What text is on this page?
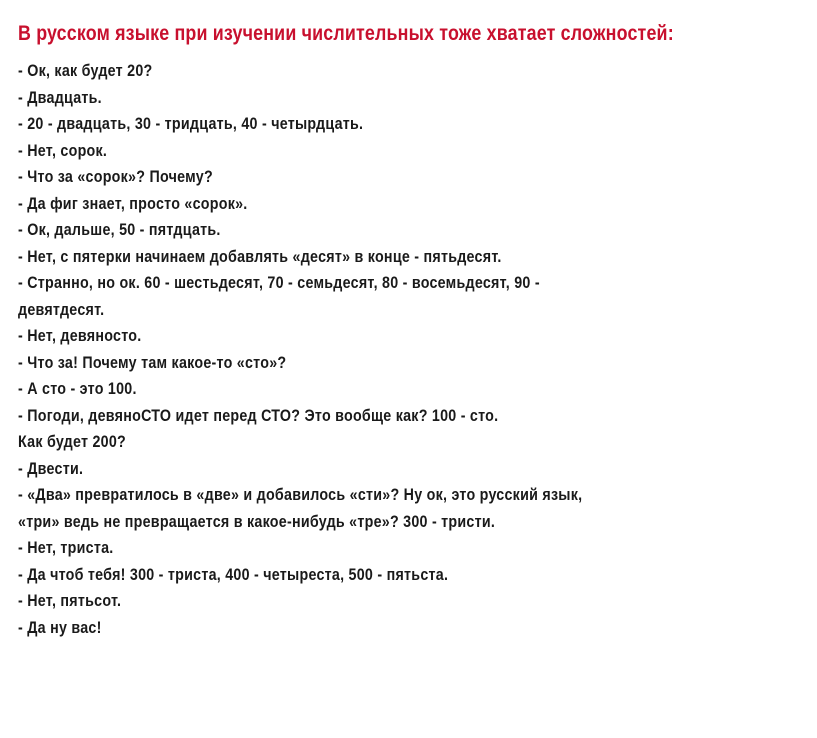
В русском языке при изучении числительных тоже хватает сложностей:
- Ок, как будет 20?
- Двадцать.
- 20 - двадцать, 30 - тридцать, 40 - четырдцать.
- Нет, сорок.
- Что за «сорок»? Почему?
- Да фиг знает, просто «сорок».
- Ок, дальше, 50 - пятдцать.
- Нет, с пятерки начинаем добавлять «десят» в конце - пятьдесят.
- Странно, но ок. 60 - шестьдесят, 70 - семьдесят, 80 - восемьдесят, 90 -
девятдесят.
- Нет, девяносто.
- Что за! Почему там какое-то «сто»?
- А сто - это 100.
- Погоди, девяноСТО идет перед СТО? Это вообще как? 100 - сто.
Как будет 200?
- Двести.
- «Два» превратилось в «две» и добавилось «сти»? Ну ок, это русский язык,
«три» ведь не превращается в какое-нибудь «тре»? 300 - тристи.
- Нет, триста.
- Да чтоб тебя! 300 - триста, 400 - четыреста, 500 - пятьста.
- Нет, пятьсот.
- Да ну вас!
